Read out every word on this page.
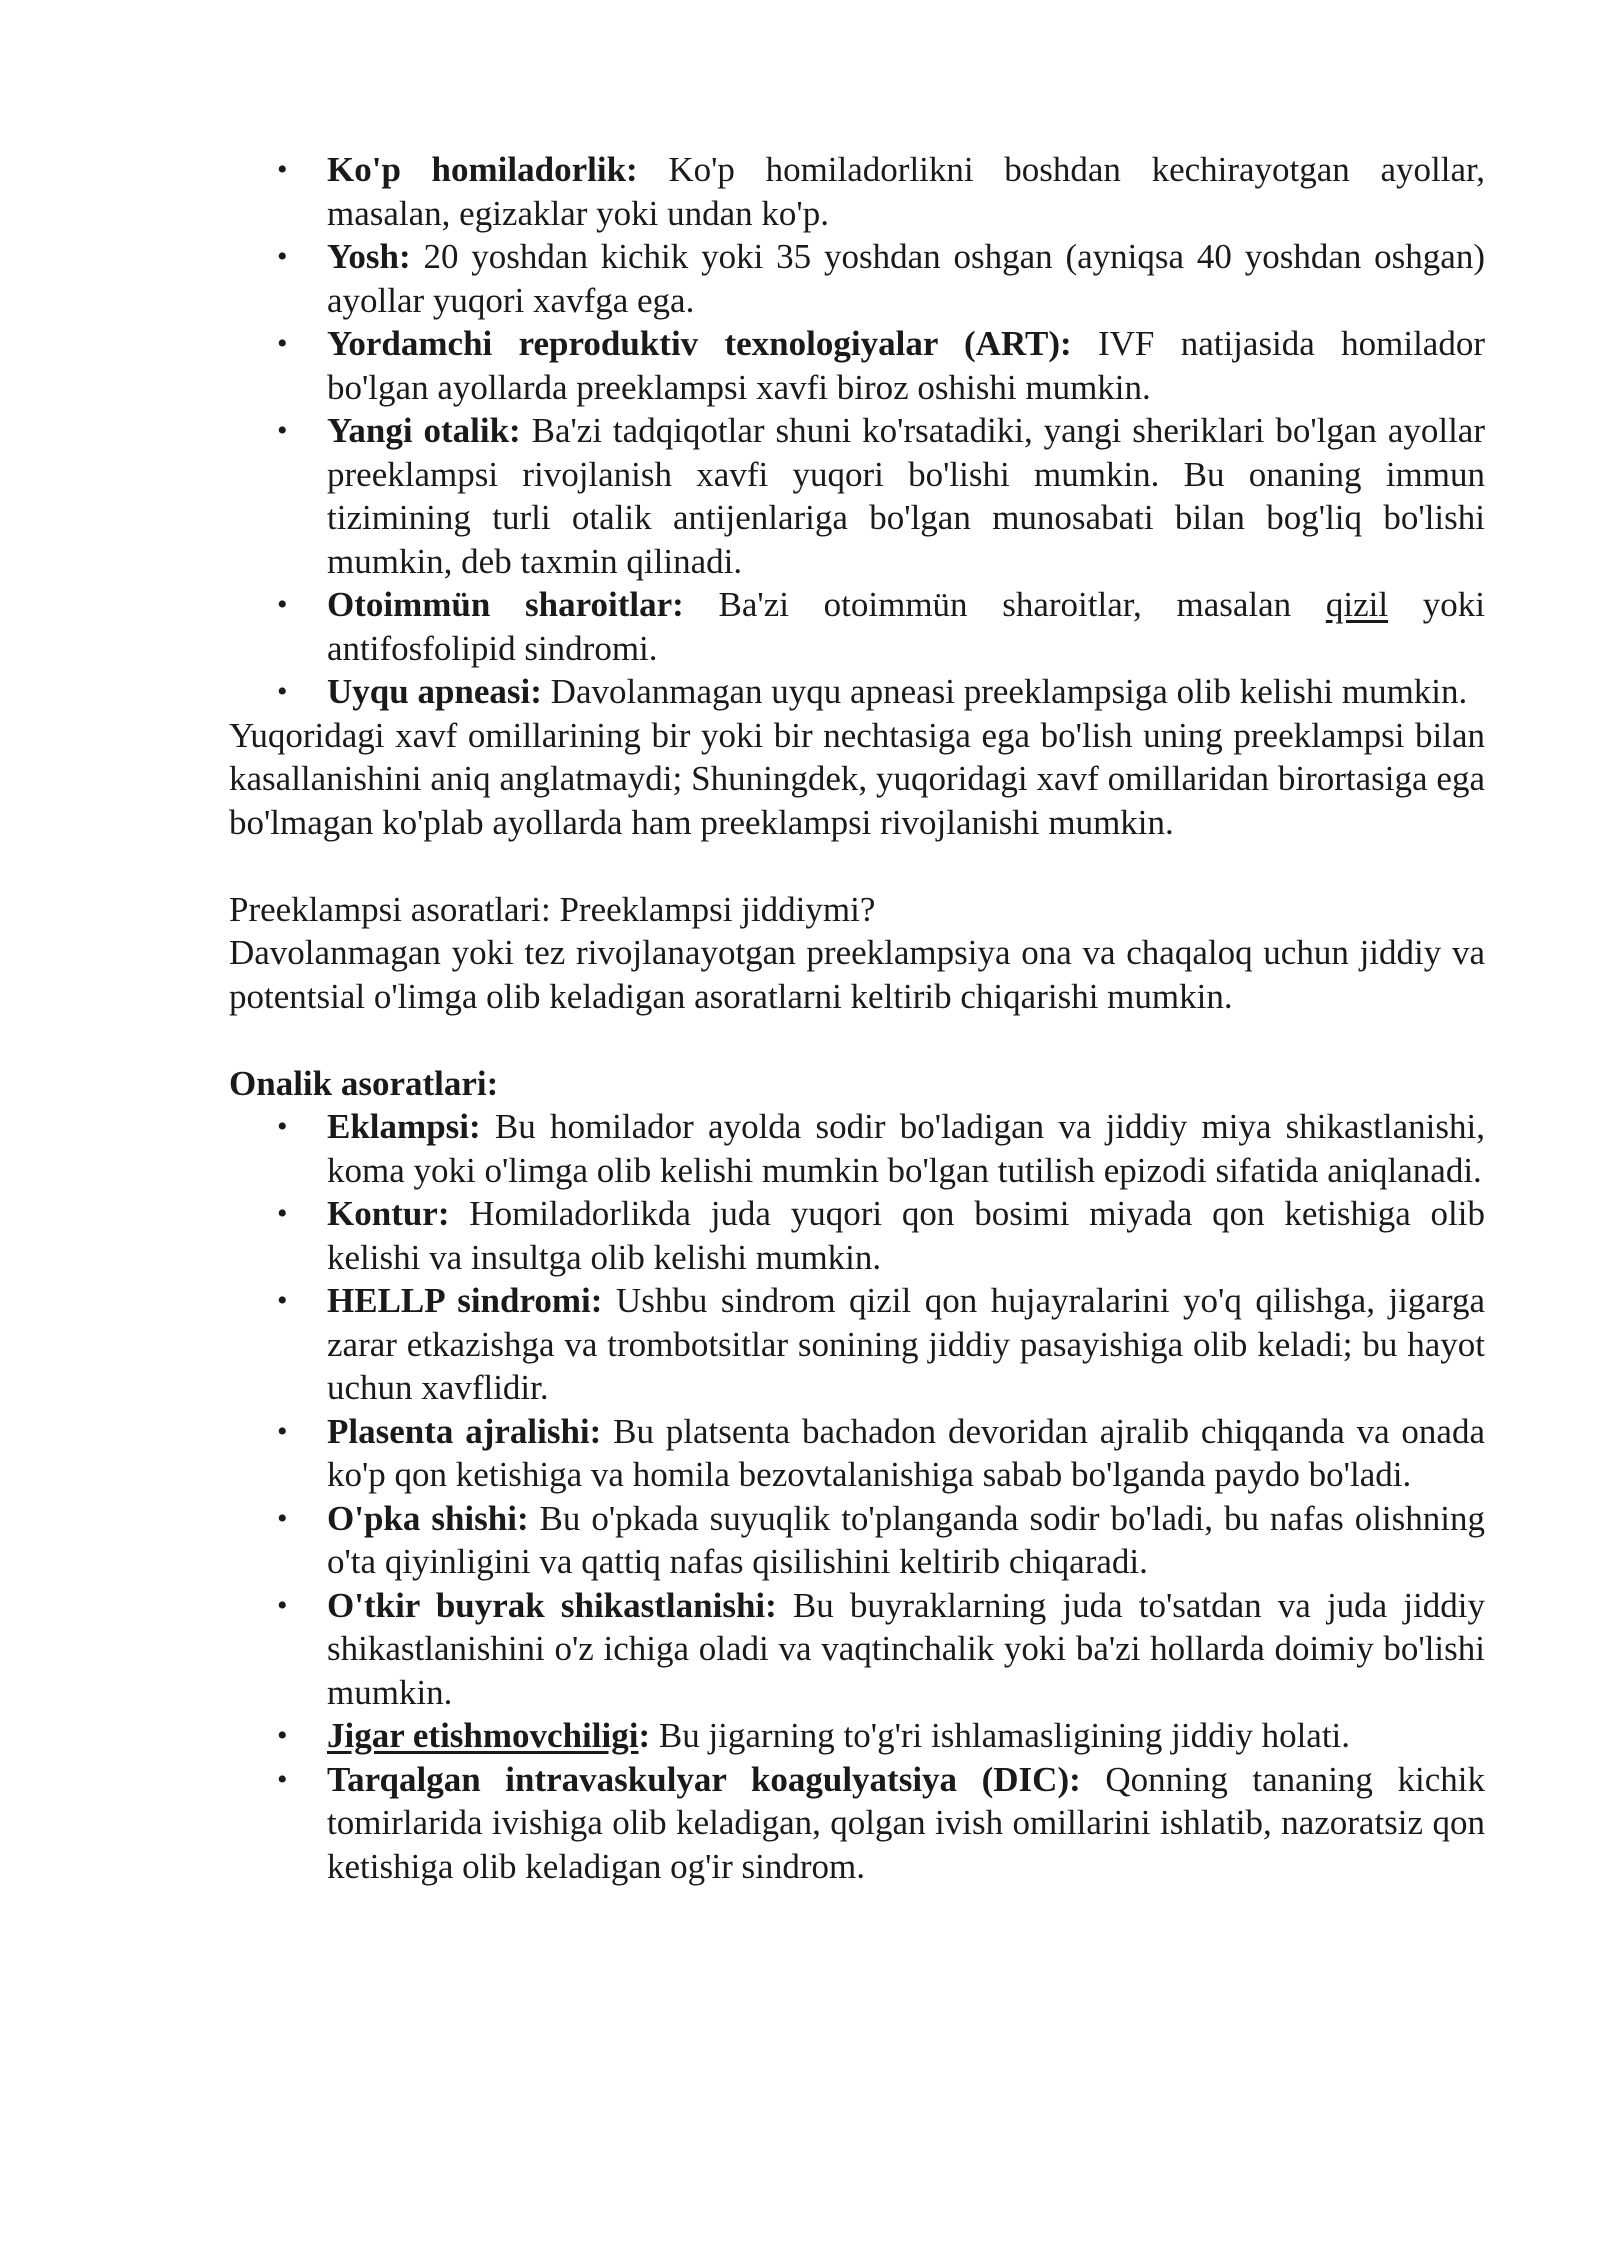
• Ko'p homiladorlik: Ko'p homiladorlikni boshdan kechirayotgan ayollar, masalan, egizaklar yoki undan ko'p.
• Yosh: 20 yoshdan kichik yoki 35 yoshdan oshgan (ayniqsa 40 yoshdan oshgan) ayollar yuqori xavfga ega.
• Yordamchi reproduktiv texnologiyalar (ART): IVF natijasida homilador bo'lgan ayollarda preeklampsi xavfi biroz oshishi mumkin.
• Yangi otalik: Ba'zi tadqiqotlar shuni ko'rsatadiki, yangi sheriklari bo'lgan ayollar preeklampsi rivojlanish xavfi yuqori bo'lishi mumkin. Bu onaning immun tizimining turli otalik antijenlariga bo'lgan munosabati bilan bog'liq bo'lishi mumkin, deb taxmin qilinadi.
• Otoimmün sharoitlar: Ba'zi otoimmün sharoitlar, masalan qizil yoki antifosfolipid sindromi.
• Uyqu apneasi: Davolanmagan uyqu apneasi preeklampsiga olib kelishi mumkin.

Yuqoridagi xavf omillarining bir yoki bir nechtasiga ega bo'lish uning preeklampsi bilan kasallanishini aniq anglatmaydi; Shuningdek, yuqoridagi xavf omillaridan birortasiga ega bo'lmagan ko'plab ayollarda ham preeklampsi rivojlanishi mumkin.

Preeklampsi asoratlari: Preeklampsi jiddiymi?

Davolanmagan yoki tez rivojlanayotgan preeklampsiya ona va chaqaloq uchun jiddiy va potentsial o'limga olib keladigan asoratlarni keltirib chiqarishi mumkin.

Onalik asoratlari:

• Eklampsi: Bu homilador ayolda sodir bo'ladigan va jiddiy miya shikastlanishi, koma yoki o'limga olib kelishi mumkin bo'lgan tutilish epizodi sifatida aniqlanadi.
• Kontur: Homiladorlikda juda yuqori qon bosimi miyada qon ketishiga olib kelishi va insultga olib kelishi mumkin.
• HELLP sindromi: Ushbu sindrom qizil qon hujayralarini yo'q qilishga, jigarga zarar etkazishga va trombotsitlar sonining jiddiy pasayishiga olib keladi; bu hayot uchun xavflidir.
• Plasenta ajralishi: Bu platsenta bachadon devoridan ajralib chiqqanda va onada ko'p qon ketishiga va homila bezovtalanishiga sabab bo'lganda paydo bo'ladi.
• O'pka shishi: Bu o'pkada suyuqlik to'planganda sodir bo'ladi, bu nafas olishning o'ta qiyinligini va qattiq nafas qisilishini keltirib chiqaradi.
• O'tkir buyrak shikastlanishi: Bu buyraklarning juda to'satdan va juda jiddiy shikastlanishini o'z ichiga oladi va vaqtinchalik yoki ba'zi hollarda doimiy bo'lishi mumkin.
• Jigar etishmovchiligi: Bu jigarning to'g'ri ishlamasligining jiddiy holati.
• Tarqalgan intravaskulyar koagulyatsiya (DIC): Qonning tananing kichik tomirlarida ivishiga olib keladigan, qolgan ivish omillarini ishlatib, nazoratsiz qon ketishiga olib keladigan og'ir sindrom.
